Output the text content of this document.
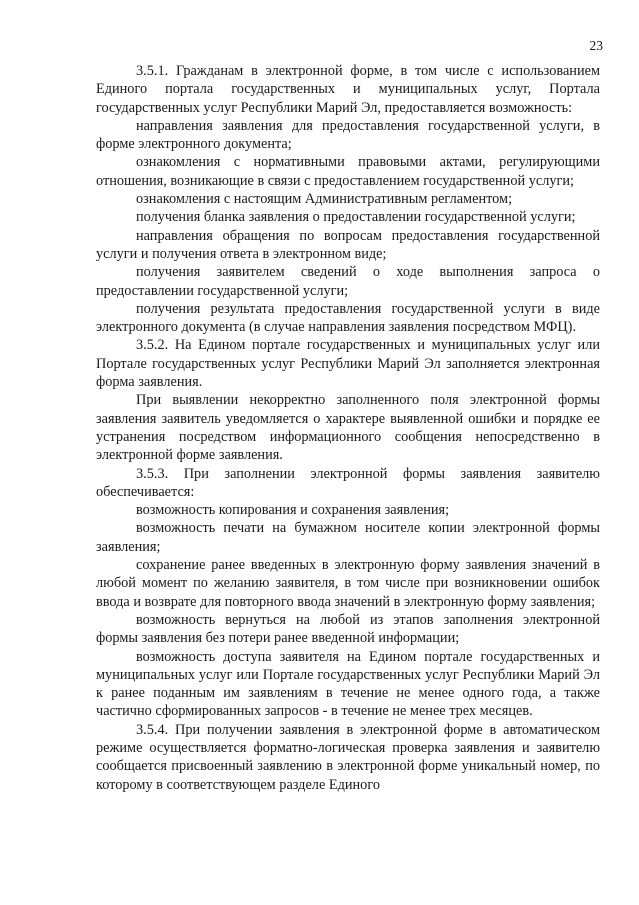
23

3.5.1. Гражданам в электронной форме, в том числе с использованием Единого портала государственных и муниципальных услуг, Портала государственных услуг Республики Марий Эл, предоставляется возможность:

направления заявления для предоставления государственной услуги, в форме электронного документа;

ознакомления с нормативными правовыми актами, регулирующими отношения, возникающие в связи с предоставлением государственной услуги;

ознакомления с настоящим Административным регламентом;

получения бланка заявления о предоставлении государственной услуги;

направления обращения по вопросам предоставления государственной услуги и получения ответа в электронном виде;

получения заявителем сведений о ходе выполнения запроса о предоставлении государственной услуги;

получения результата предоставления государственной услуги в виде электронного документа (в случае направления заявления посредством МФЦ).

3.5.2. На Едином портале государственных и муниципальных услуг или Портале государственных услуг Республики Марий Эл заполняется электронная форма заявления.

При выявлении некорректно заполненного поля электронной формы заявления заявитель уведомляется о характере выявленной ошибки и порядке ее устранения посредством информационного сообщения непосредственно в электронной форме заявления.

3.5.3. При заполнении электронной формы заявления заявителю обеспечивается:

возможность копирования и сохранения заявления;

возможность печати на бумажном носителе копии электронной формы заявления;

сохранение ранее введенных в электронную форму заявления значений в любой момент по желанию заявителя, в том числе при возникновении ошибок ввода и возврате для повторного ввода значений в электронную форму заявления;

возможность вернуться на любой из этапов заполнения электронной формы заявления без потери ранее введенной информации;

возможность доступа заявителя на Едином портале государственных и муниципальных услуг или Портале государственных услуг Республики Марий Эл к ранее поданным им заявлениям в течение не менее одного года, а также частично сформированных запросов - в течение не менее трех месяцев.

3.5.4. При получении заявления в электронной форме в автоматическом режиме осуществляется форматно-логическая проверка заявления и заявителю сообщается присвоенный заявлению в электронной форме уникальный номер, по которому в соответствующем разделе Единого
